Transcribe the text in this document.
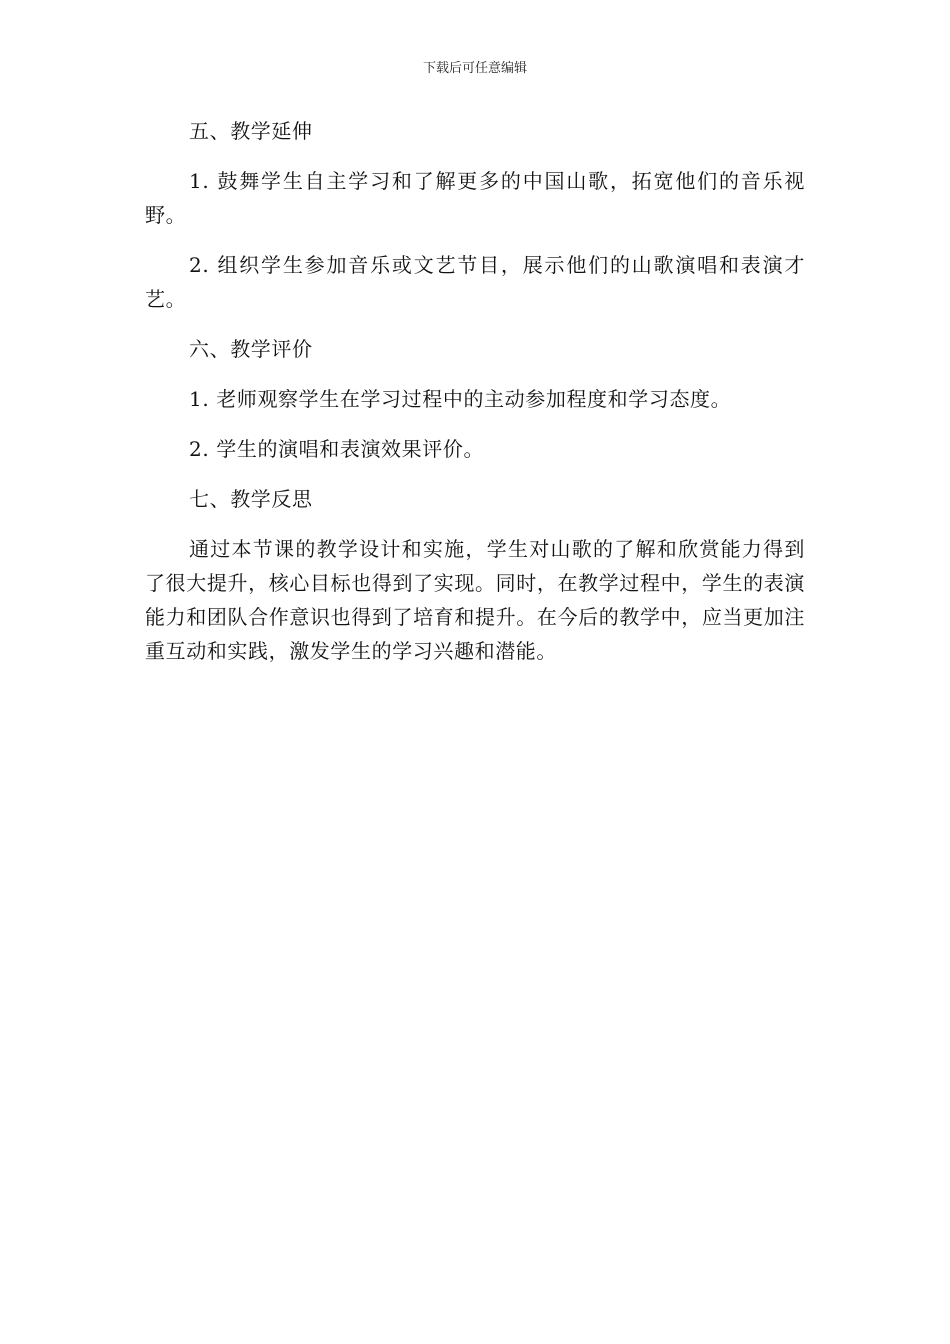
下载后可任意编辑

五、教学延伸

1. 鼓舞学生自主学习和了解更多的中国山歌，拓宽他们的音乐视野。

2. 组织学生参加音乐或文艺节目，展示他们的山歌演唱和表演才艺。

六、教学评价

1. 老师观察学生在学习过程中的主动参加程度和学习态度。

2. 学生的演唱和表演效果评价。

七、教学反思

通过本节课的教学设计和实施，学生对山歌的了解和欣赏能力得到了很大提升，核心目标也得到了实现。同时，在教学过程中，学生的表演能力和团队合作意识也得到了培育和提升。在今后的教学中，应当更加注重互动和实践，激发学生的学习兴趣和潜能。
